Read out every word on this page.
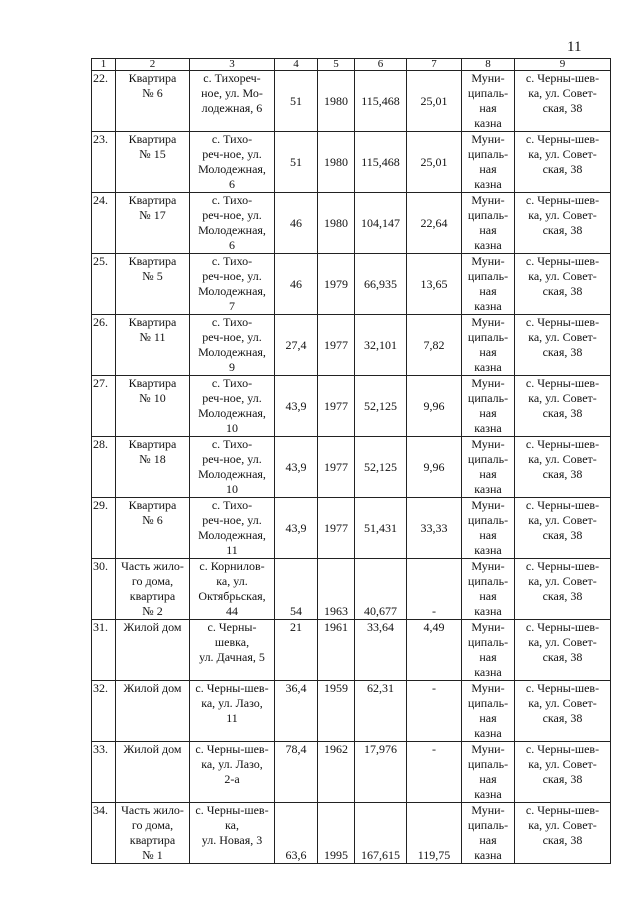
11
1	2	3	4	5	6	7	8	9
22.	Квартира
№ 6	с. Тихореч-
ное, ул. Мо-
лодежная, 6	51	1980	115,468	25,01	Муни-
ципаль-
ная
казна	с. Черны-шев-
ка, ул. Совет-
ская, 38
23.	Квартира
№ 15	с. Тихо-
реч-ное, ул.
Молодежная,
6	51	1980	115,468	25,01	Муни-
ципаль-
ная
казна	с. Черны-шев-
ка, ул. Совет-
ская, 38
24.	Квартира
№ 17	с. Тихо-
реч-ное, ул.
Молодежная,
6	46	1980	104,147	22,64	Муни-
ципаль-
ная
казна	с. Черны-шев-
ка, ул. Совет-
ская, 38
25.	Квартира
№ 5	с. Тихо-
реч-ное, ул.
Молодежная,
7	46	1979	66,935	13,65	Муни-
ципаль-
ная
казна	с. Черны-шев-
ка, ул. Совет-
ская, 38
26.	Квартира
№ 11	с. Тихо-
реч-ное, ул.
Молодежная,
9	27,4	1977	32,101	7,82	Муни-
ципаль-
ная
казна	с. Черны-шев-
ка, ул. Совет-
ская, 38
27.	Квартира
№ 10	с. Тихо-
реч-ное, ул.
Молодежная,
10	43,9	1977	52,125	9,96	Муни-
ципаль-
ная
казна	с. Черны-шев-
ка, ул. Совет-
ская, 38
28.	Квартира
№ 18	с. Тихо-
реч-ное, ул.
Молодежная,
10	43,9	1977	52,125	9,96	Муни-
ципаль-
ная
казна	с. Черны-шев-
ка, ул. Совет-
ская, 38
29.	Квартира
№ 6	с. Тихо-
реч-ное, ул.
Молодежная,
11	43,9	1977	51,431	33,33	Муни-
ципаль-
ная
казна	с. Черны-шев-
ка, ул. Совет-
ская, 38
30.	Часть жило-
го дома,
квартира
№ 2	с. Корнилов-
ка, ул.
Октябрьская,
44	54	1963	40,677	-	Муни-
ципаль-
ная
казна	с. Черны-шев-
ка, ул. Совет-
ская, 38
31.	Жилой дом	с. Черны-
шевка,
ул. Дачная, 5	21	1961	33,64	4,49	Муни-
ципаль-
ная
казна	с. Черны-шев-
ка, ул. Совет-
ская, 38
32.	Жилой дом	с. Черны-шев-
ка, ул. Лазо,
11	36,4	1959	62,31	-	Муни-
ципаль-
ная
казна	с. Черны-шев-
ка, ул. Совет-
ская, 38
33.	Жилой дом	с. Черны-шев-
ка, ул. Лазо,
2-а	78,4	1962	17,976	-	Муни-
ципаль-
ная
казна	с. Черны-шев-
ка, ул. Совет-
ская, 38
34.	Часть жило-
го дома,
квартира
№ 1	с. Черны-шев-
ка,
ул. Новая, 3	63,6	1995	167,615	119,75	Муни-
ципаль-
ная
казна	с. Черны-шев-
ка, ул. Совет-
ская, 38
